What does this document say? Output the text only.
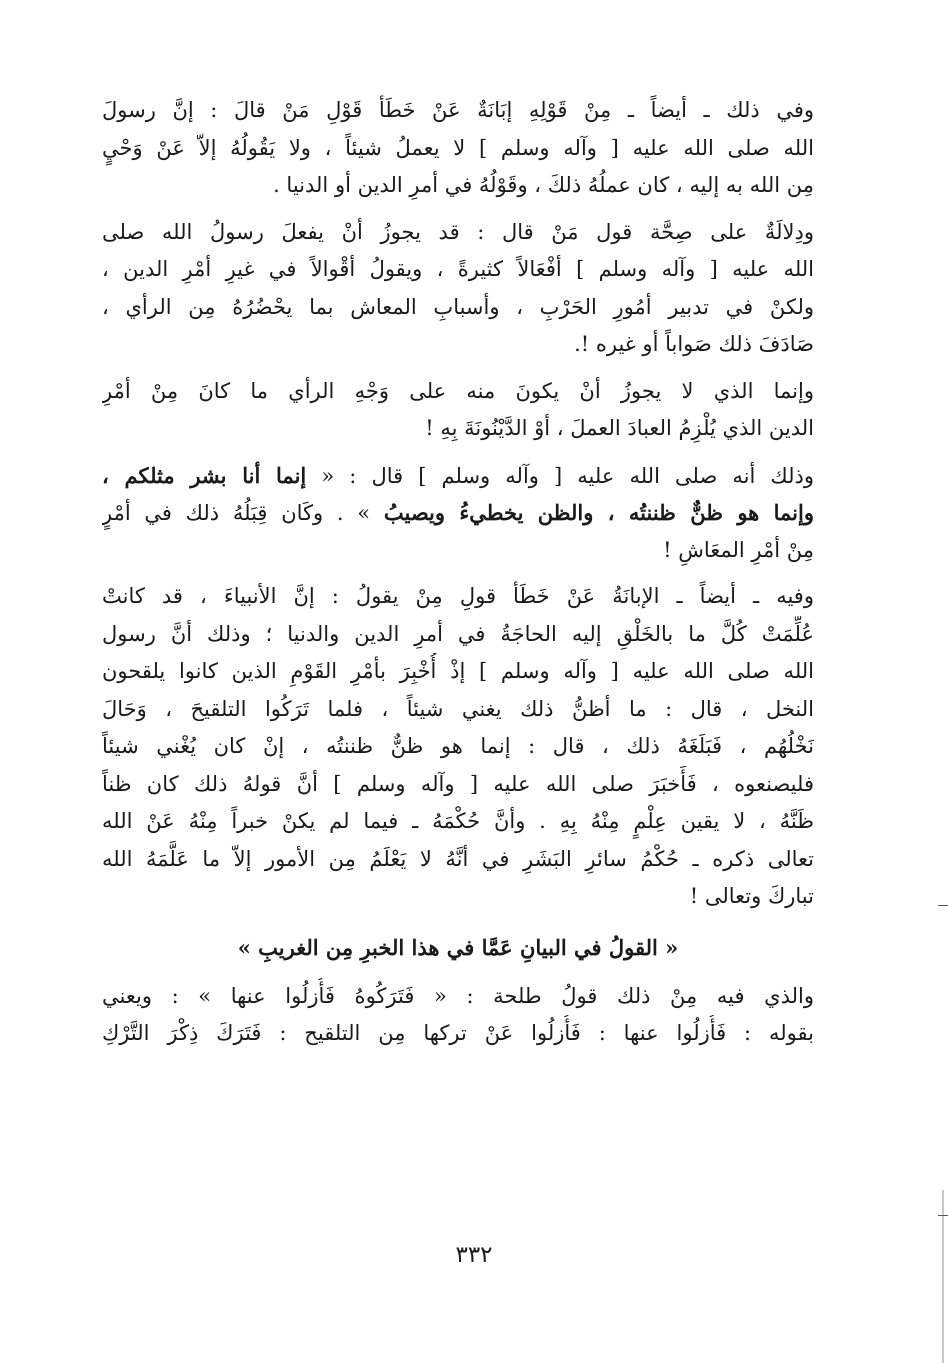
وفي ذلك ـ أيضاً ـ مِنْ قَوْلِهِ إبَانَةٌ عَنْ خَطَأ قَوْلِ مَنْ قالَ : إنَّ رسولَ
الله صلى الله عليه [ وآله وسلم ] لا يعملُ شيئاً ، ولا يَقُولُهُ إلاّ عَنْ وَحْيٍ
مِن الله به إليه ، كان عملُهُ ذلكَ ، وقَوْلُهُ في أمرِ الدين أو الدنيا .
ودِلالَةٌ على صِحَّة قول مَنْ قال : قد يجوزُ أنْ يفعلَ رسولُ الله صلى
الله عليه [ وآله وسلم ] أفْعَالاً كثيرةً ، ويقولُ أقْوالاً في غيرِ أمْرِ الدين ،
ولكنْ في تدبير أمُورِ الحَرْبِ ، وأسبابِ المعاش بما يحْضُرُهُ مِن الرأي ،
صَادَفَ ذلك صَواباً أو غيره !.
وإنما الذي لا يجوزُ أنْ يكونَ منه على وَجْهِ الرأي ما كانَ مِنْ أمْرِ
الدين الذي يُلْزِمُ العبادَ العملَ ، أوْ الدَّيْنُونَةَ بِهِ !
وذلك أنه صلى الله عليه [ وآله وسلم ] قال : « إنما أنا بشر مثلكم ،
وإنما هو ظنٌّ ظننتُه ، والظن يخطيءُ ويصيبُ » . وكَان قِبَلُهُ ذلك في أمْرٍ
مِنْ أمْرِ المعَاشِ !
وفيه ـ أيضاً ـ الإبانَةُ عَنْ خَطَأ قولِ مِنْ يقولُ : إنَّ الأنبياءَ ، قد كانتْ
عُلِّمَتْ كُلَّ ما بالخَلْقِ إليه الحاجَةُ في أمرِ الدين والدنيا ؛ وذلك أنَّ رسول
الله صلى الله عليه [ وآله وسلم ] إذْ أُخْبِرَ بأمْرِ القَوْمِ الذين كانوا يلقحون
النخل ، قال : ما أظنُّ ذلك يغني شيئاً ، فلما تَرَكُوا التلقيحَ ، وَحَالَ
نَخْلُهُم ، فَبَلَغَهُ ذلك ، قال : إنما هو ظنٌّ ظننتُه ، إنْ كان يُغْني شيئاً
فليصنعوه ، فَأَخبَرَ صلى الله عليه [ وآله وسلم ] أنَّ قولهُ ذلك كان ظناً
ظَنَّهُ ، لا يقين عِلْمٍ مِنْهُ بِهِ . وأنَّ حُكْمَهُ ـ فيما لم يكنْ خبراً مِنْهُ عَنْ الله
تعالى ذكره ـ حُكْمُ سائرِ البَشَرِ في أنَّهُ لا يَعْلَمُ مِن الأمور إلاّ ما عَلَّمَهُ الله
تباركَ وتعالى !
« القولُ في البيانِ عَمَّا في هذا الخبرِ مِن الغريبِ »
والذي فيه مِنْ ذلك قولُ طلحة : « فَتَرَكُوهُ فَأُزلُوا عنها » : ويعني
بقوله : فَأُزلُوا عنها : فَأُزلُوا عَنْ تركها مِن التلقيح : فَتَرَكَ ذِكْرَ التَّرْكِ
٣٣٢
